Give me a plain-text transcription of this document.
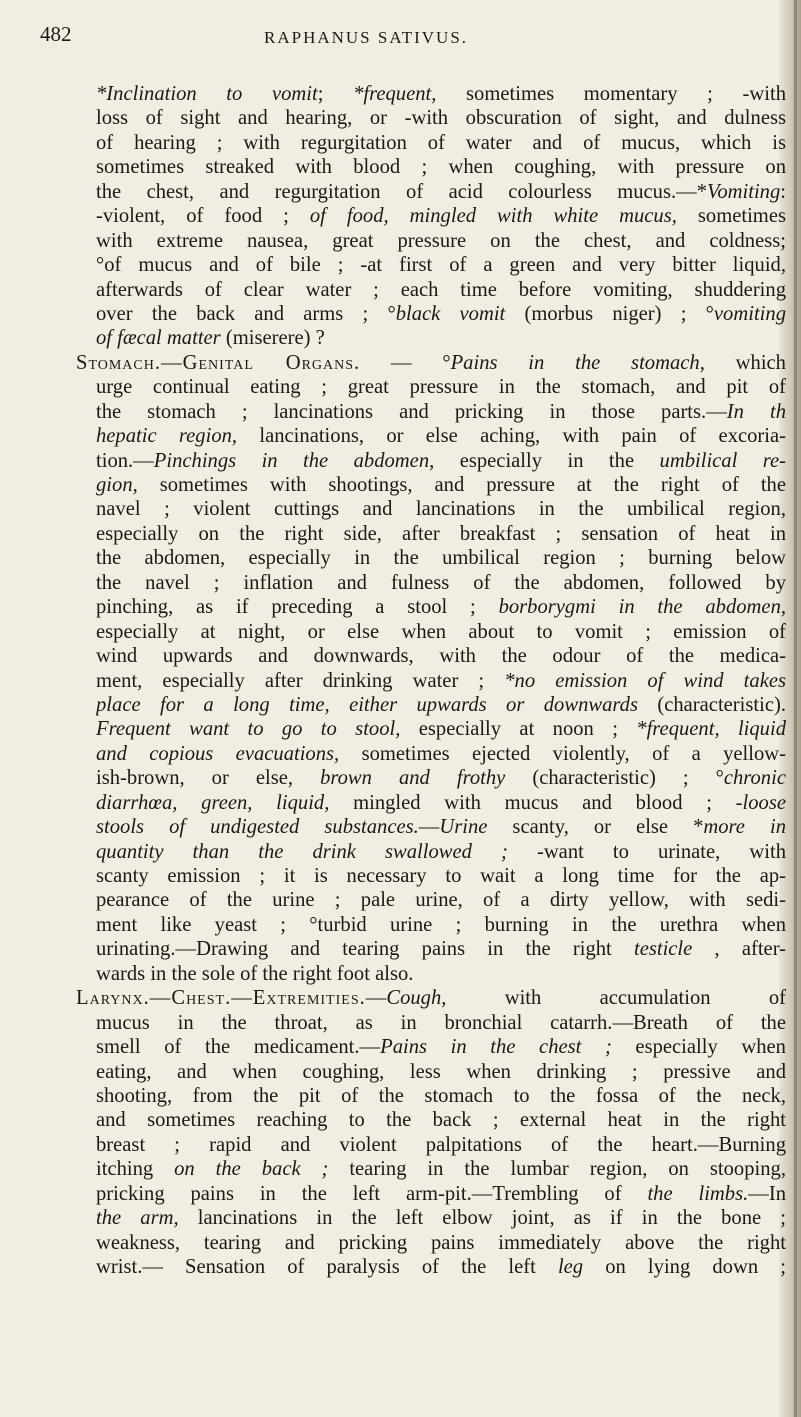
482	RAPHANUS SATIVUS.
*Inclination to vomit; *frequent, sometimes momentary ; -with
loss of sight and hearing, or -with obscuration of sight, and dulness
of hearing ; with regurgitation of water and of mucus, which is
sometimes streaked with blood ; when coughing, with pressure on
the chest, and regurgitation of acid colourless mucus.—*Vomiting:
-violent, of food ; of food, mingled with white mucus, sometimes
with extreme nausea, great pressure on the chest, and coldness;
°of mucus and of bile ; -at first of a green and very bitter liquid,
afterwards of clear water ; each time before vomiting, shuddering
over the back and arms ; °black vomit (morbus niger) ; °vomiting
of fæcal matter (miserere) ?
Stomach.—Genital Organs. — °Pains in the stomach, which
urge continual eating ; great pressure in the stomach, and pit of
the stomach ; lancinations and pricking in those parts.—In th
hepatic region, lancinations, or else aching, with pain of excoria-
tion.—Pinchings in the abdomen, especially in the umbilical re-
gion, sometimes with shootings, and pressure at the right of the
navel ; violent cuttings and lancinations in the umbilical region,
especially on the right side, after breakfast ; sensation of heat in
the abdomen, especially in the umbilical region ; burning below
the navel ; inflation and fulness of the abdomen, followed by
pinching, as if preceding a stool ; borborygmi in the abdomen,
especially at night, or else when about to vomit ; emission of
wind upwards and downwards, with the odour of the medica-
ment, especially after drinking water ; *no emission of wind takes
place for a long time, either upwards or downwards (characteristic).
Frequent want to go to stool, especially at noon ; *frequent, liquid
and copious evacuations, sometimes ejected violently, of a yellow-
ish-brown, or else, brown and frothy (characteristic) ; °chronic
diarrhœa, green, liquid, mingled with mucus and blood ; -loose
stools of undigested substances.—Urine scanty, or else *more in
quantity than the drink swallowed ; -want to urinate, with
scanty emission ; it is necessary to wait a long time for the ap-
pearance of the urine ; pale urine, of a dirty yellow, with sedi-
ment like yeast ; °turbid urine ; burning in the urethra when
urinating.—Drawing and tearing pains in the right testicle , after-
wards in the sole of the right foot also.
Larynx.—Chest.—Extremities.—Cough, with accumulation of
mucus in the throat, as in bronchial catarrh.—Breath of the
smell of the medicament.—Pains in the chest ; especially when
eating, and when coughing, less when drinking ; pressive and
shooting, from the pit of the stomach to the fossa of the neck,
and sometimes reaching to the back ; external heat in the right
breast ; rapid and violent palpitations of the heart.—Burning
itching on the back ; tearing in the lumbar region, on stooping,
pricking pains in the left arm-pit.—Trembling of the limbs.—In
the arm, lancinations in the left elbow joint, as if in the bone ;
weakness, tearing and pricking pains immediately above the right
wrist.— Sensation of paralysis of the left leg on lying down ;
